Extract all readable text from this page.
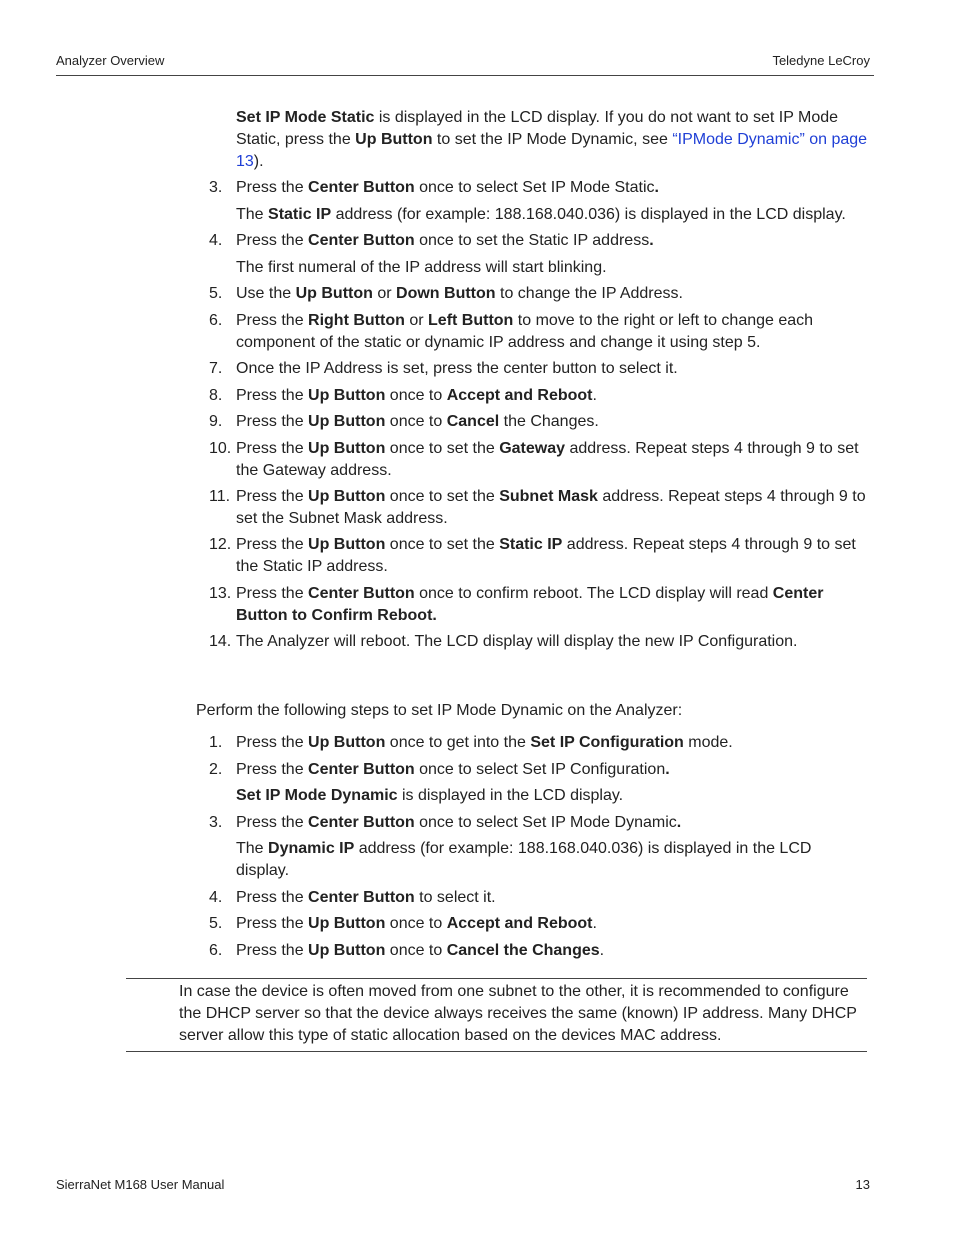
Analyzer Overview	Teledyne LeCroy
Set IP Mode Static is displayed in the LCD display. If you do not want to set IP Mode Static, press the Up Button to set the IP Mode Dynamic, see “IPMode Dynamic” on page 13).
3. Press the Center Button once to select Set IP Mode Static.
The Static IP address (for example: 188.168.040.036) is displayed in the LCD display.
4. Press the Center Button once to set the Static IP address.
The first numeral of the IP address will start blinking.
5. Use the Up Button or Down Button to change the IP Address.
6. Press the Right Button or Left Button to move to the right or left to change each component of the static or dynamic IP address and change it using step 5.
7. Once the IP Address is set, press the center button to select it.
8. Press the Up Button once to Accept and Reboot.
9. Press the Up Button once to Cancel the Changes.
10. Press the Up Button once to set the Gateway address. Repeat steps 4 through 9 to set the Gateway address.
11. Press the Up Button once to set the Subnet Mask address. Repeat steps 4 through 9 to set the Subnet Mask address.
12. Press the Up Button once to set the Static IP address. Repeat steps 4 through 9 to set the Static IP address.
13. Press the Center Button once to confirm reboot. The LCD display will read Center Button to Confirm Reboot.
14. The Analyzer will reboot. The LCD display will display the new IP Configuration.
Perform the following steps to set IP Mode Dynamic on the Analyzer:
1. Press the Up Button once to get into the Set IP Configuration mode.
2. Press the Center Button once to select Set IP Configuration.
Set IP Mode Dynamic is displayed in the LCD display.
3. Press the Center Button once to select Set IP Mode Dynamic.
The Dynamic IP address (for example: 188.168.040.036) is displayed in the LCD display.
4. Press the Center Button to select it.
5. Press the Up Button once to Accept and Reboot.
6. Press the Up Button once to Cancel the Changes.
In case the device is often moved from one subnet to the other, it is recommended to configure the DHCP server so that the device always receives the same (known) IP address. Many DHCP server allow this type of static allocation based on the devices MAC address.
SierraNet M168 User Manual	13
